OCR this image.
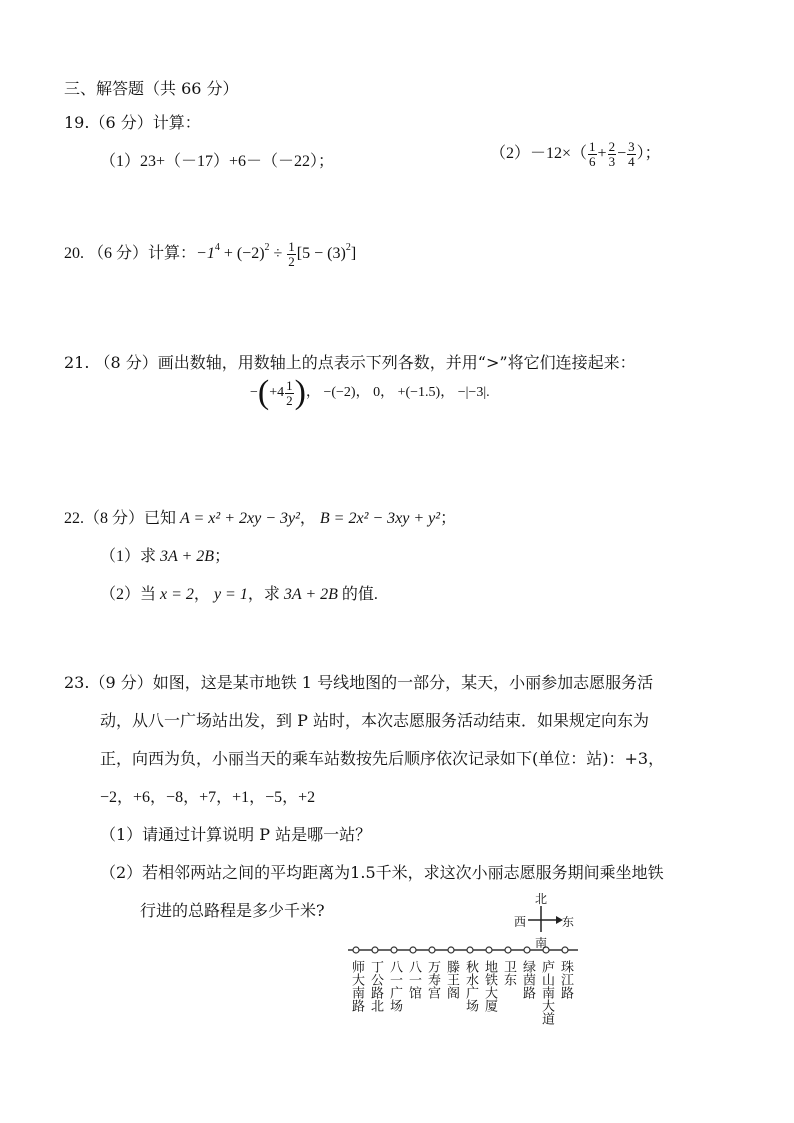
三、解答题（共 66 分）
19.（6 分）计算：
（1）23+（－17）+6－（－22）；	$(2)-12\times( \frac{1}{6} + \frac{2}{3} - \frac{3}{4}$ ）；
20. （6 分）计算：$-1^4 + (-2)^2 \div \frac{1}{2} [5 - (3)^2]$
21. （8 分）画出数轴，用数轴上的点表示下列各数，并用“>”将它们连接起来：
$-(+4 \frac{1}{2}$ )， −(−2)， 0， +(−1.5)， −|−3|.
22.（8 分）已知 A = x² + 2xy − 3y²， B = 2x² − 3xy + y²；
（1）求 3A + 2B；
（2）当 x = 2， y = 1，求 3A + 2B 的值.
23.（9 分）如图，这是某市地铁 1 号线地图的一部分，某天，小丽参加志愿服务活
动，从八一广场站出发，到 P 站时，本次志愿服务活动结束．如果规定向东为
正，向西为负，小丽当天的乘车站数按先后顺序依次记录如下(单位：站)：+3，
−2，+6，−8，+7，+1，−5，+2
（1）请通过计算说明 P 站是哪一站？
（2）若相邻两站之间的平均距离为1.5千米，求这次小丽志愿服务期间乘坐地铁
行进的总路程是多少千米?
北
南
西	东
师大南路 丁公路北 八一广场 八一馆 万寿宫 滕王阁 秋水广场 地铁大厦 卫东 绿茵路 庐山南大道 珠江路
